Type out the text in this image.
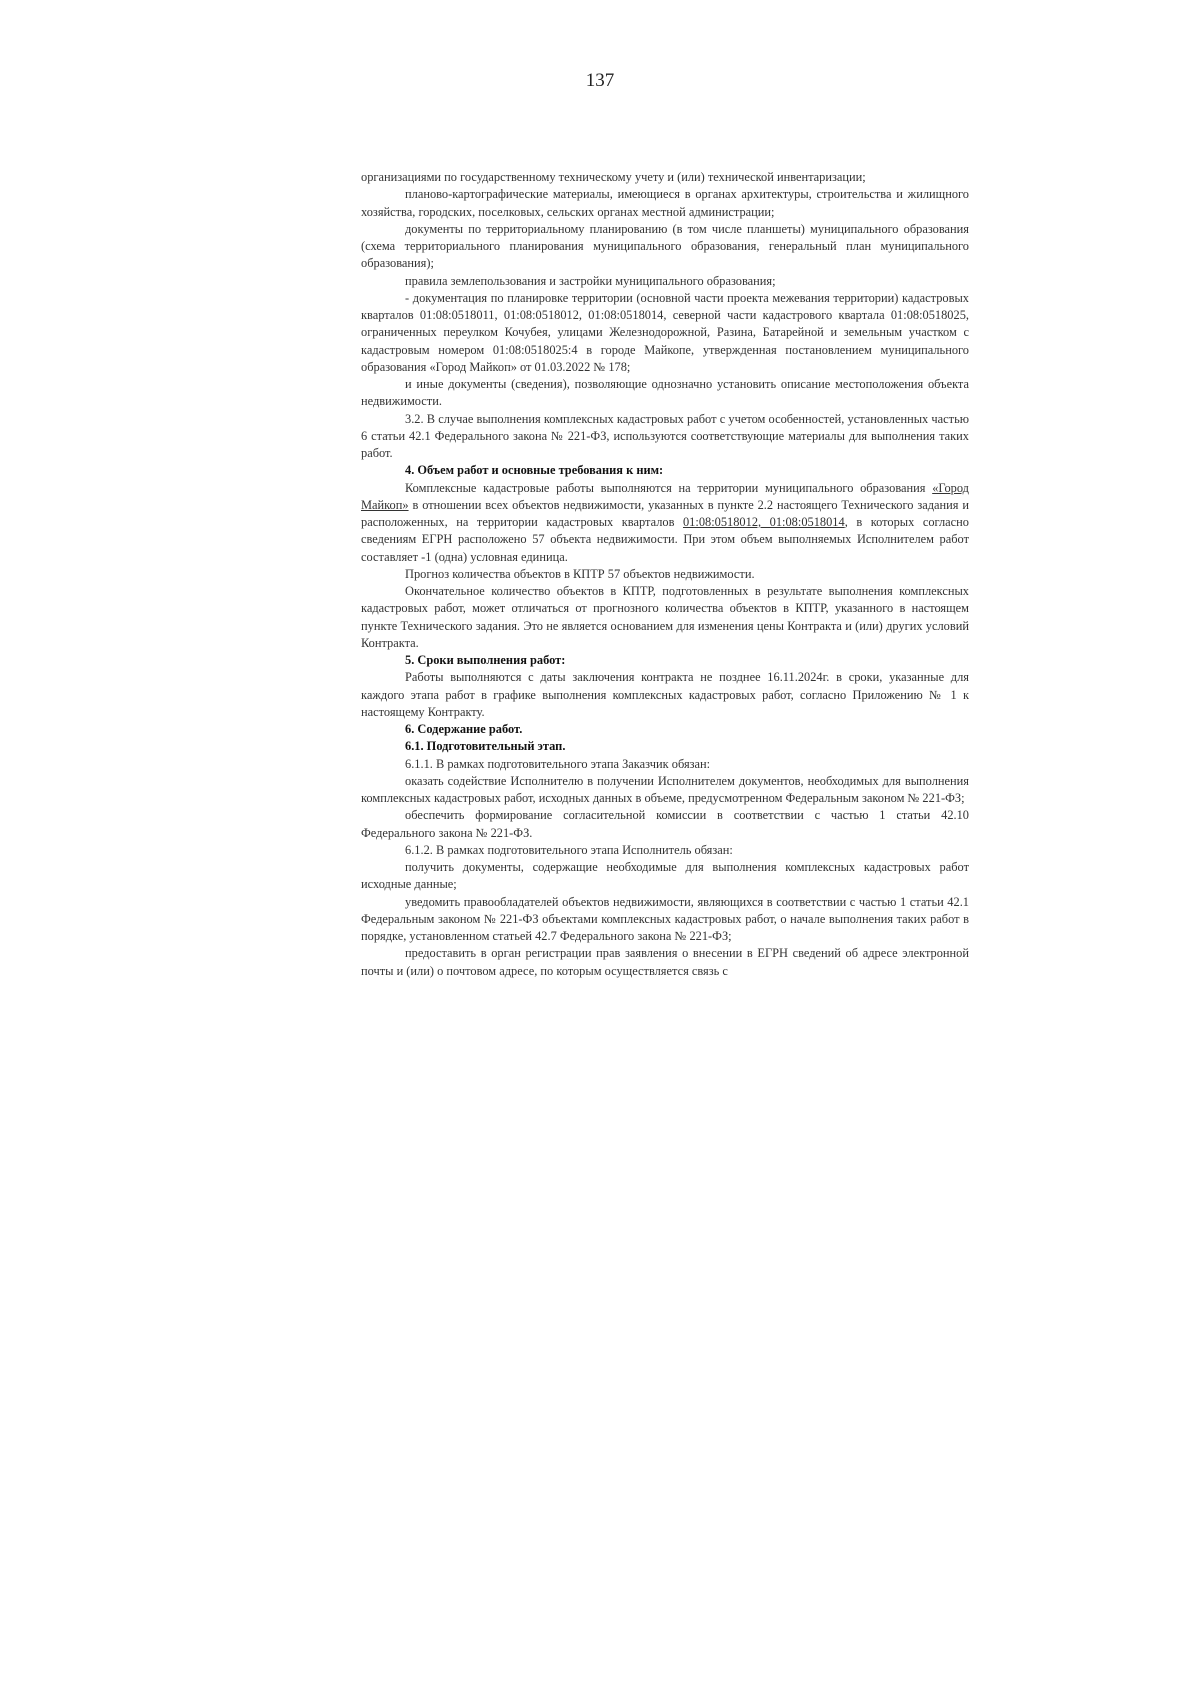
137

организациями по государственному техническому учету и (или) технической инвентаризации;

планово-картографические материалы, имеющиеся в органах архитектуры, строительства и жилищного хозяйства, городских, поселковых, сельских органах местной администрации;

документы по территориальному планированию (в том числе планшеты) муниципального образования (схема территориального планирования муниципального образования, генеральный план муниципального образования);

правила землепользования и застройки муниципального образования;

- документация по планировке территории (основной части проекта межевания территории) кадастровых кварталов 01:08:0518011, 01:08:0518012, 01:08:0518014, северной части кадастрового квартала 01:08:0518025, ограниченных переулком Кочубея, улицами Железнодорожной, Разина, Батарейной и земельным участком с кадастровым номером 01:08:0518025:4 в городе Майкопе, утвержденная постановлением муниципального образования «Город Майкоп» от 01.03.2022 № 178;

и иные документы (сведения), позволяющие однозначно установить описание местоположения объекта недвижимости.

3.2. В случае выполнения комплексных кадастровых работ с учетом особенностей, установленных частью 6 статьи 42.1 Федерального закона № 221-ФЗ, используются соответствующие материалы для выполнения таких работ.

4. Объем работ и основные требования к ним:

Комплексные кадастровые работы выполняются на территории муниципального образования «Город Майкоп» в отношении всех объектов недвижимости, указанных в пункте 2.2 настоящего Технического задания и расположенных, на территории кадастровых кварталов 01:08:0518012, 01:08:0518014, в которых согласно сведениям ЕГРН расположено 57 объекта недвижимости. При этом объем выполняемых Исполнителем работ составляет -1 (одна) условная единица.

Прогноз количества объектов в КПТР 57 объектов недвижимости.

Окончательное количество объектов в КПТР, подготовленных в результате выполнения комплексных кадастровых работ, может отличаться от прогнозного количества объектов в КПТР, указанного в настоящем пункте Технического задания. Это не является основанием для изменения цены Контракта и (или) других условий Контракта.

5. Сроки выполнения работ:

Работы выполняются с даты заключения контракта не позднее 16.11.2024г. в сроки, указанные для каждого этапа работ в графике выполнения комплексных кадастровых работ, согласно Приложению № 1 к настоящему Контракту.

6. Содержание работ.

6.1. Подготовительный этап.

6.1.1. В рамках подготовительного этапа Заказчик обязан:

оказать содействие Исполнителю в получении Исполнителем документов, необходимых для выполнения комплексных кадастровых работ, исходных данных в объеме, предусмотренном Федеральным законом № 221-ФЗ;

обеспечить формирование согласительной комиссии в соответствии с частью 1 статьи 42.10 Федерального закона № 221-ФЗ.

6.1.2. В рамках подготовительного этапа Исполнитель обязан:

получить документы, содержащие необходимые для выполнения комплексных кадастровых работ исходные данные;

уведомить правообладателей объектов недвижимости, являющихся в соответствии с частью 1 статьи 42.1 Федеральным законом № 221-ФЗ объектами комплексных кадастровых работ, о начале выполнения таких работ в порядке, установленном статьей 42.7 Федерального закона № 221-ФЗ;

предоставить в орган регистрации прав заявления о внесении в ЕГРН сведений об адресе электронной почты и (или) о почтовом адресе, по которым осуществляется связь с
